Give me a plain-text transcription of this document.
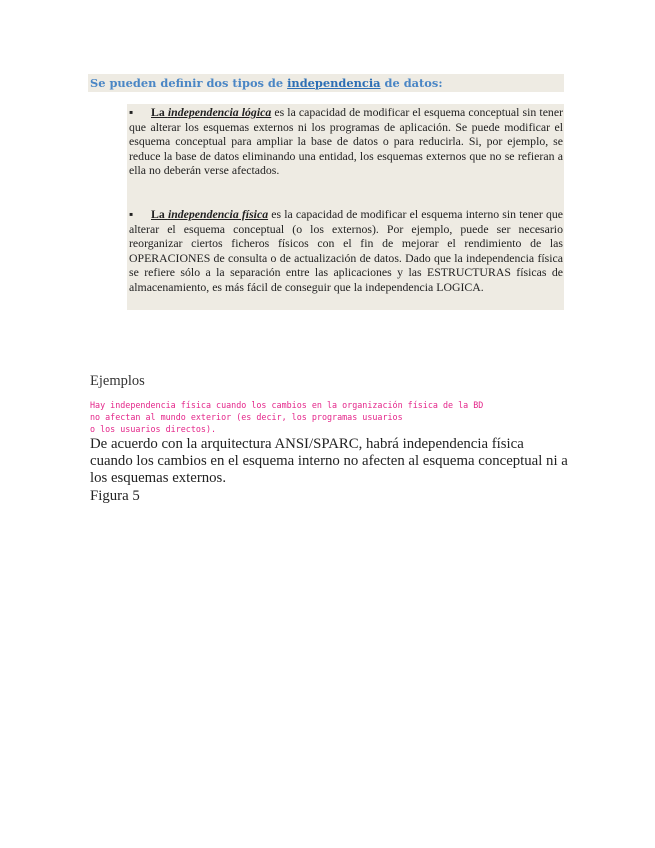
Se pueden definir dos tipos de independencia de datos:
▪ La independencia lógica es la capacidad de modificar el esquema conceptual sin tener que alterar los esquemas externos ni los programas de aplicación. Se puede modificar el esquema conceptual para ampliar la base de datos o para reducirla. Si, por ejemplo, se reduce la base de datos eliminando una entidad, los esquemas externos que no se refieran a ella no deberán verse afectados.
▪ La independencia física es la capacidad de modificar el esquema interno sin tener que alterar el esquema conceptual (o los externos). Por ejemplo, puede ser necesario reorganizar ciertos ficheros físicos con el fin de mejorar el rendimiento de las OPERACIONES de consulta o de actualización de datos. Dado que la independencia física se refiere sólo a la separación entre las aplicaciones y las ESTRUCTURAS físicas de almacenamiento, es más fácil de conseguir que la independencia LOGICA.
Ejemplos
Hay independencia física cuando los cambios en la organización física de la BD
no afectan al mundo exterior (es decir, los programas usuarios
o los usuarios directos).
De acuerdo con la arquitectura ANSI/SPARC, habrá independencia física cuando los cambios en el esquema interno no afecten al esquema conceptual ni a los esquemas externos.
Figura 5
